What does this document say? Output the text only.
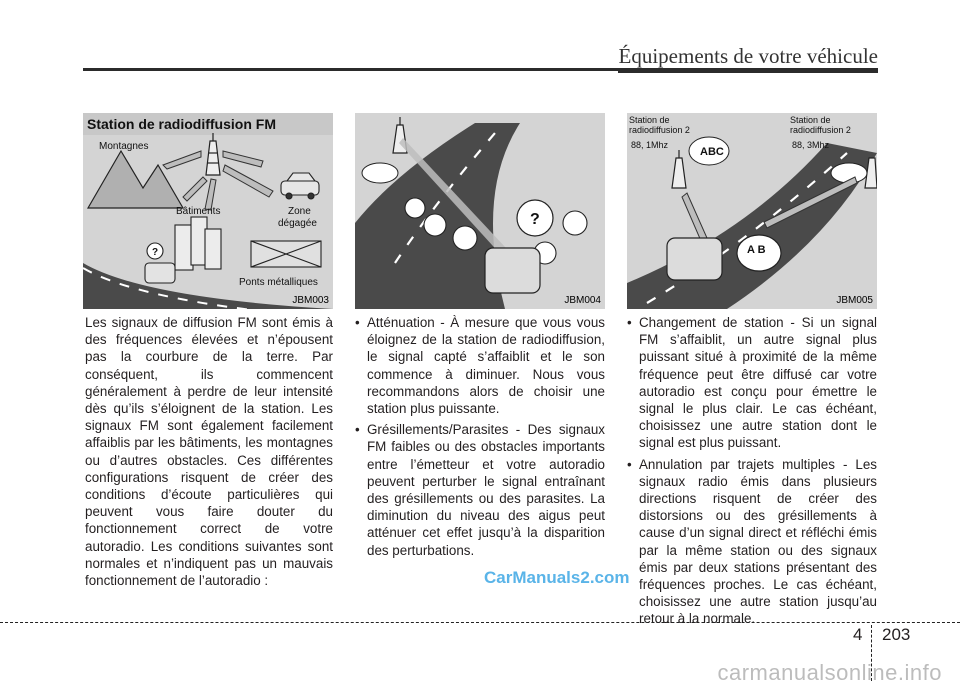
Équipements de votre véhicule
Station de radiodiffusion FM
?
Montagnes
Bâtiments	Zone dégagée
Ponts métalliques
JBM003
?
JBM004
Station de radiodiffusion 2
88, 1Mhz
Station de radiodiffusion 2
88, 3Mhz
ABC
A B
JBM005

Les signaux de diffusion FM sont émis à des fréquences élevées et n’épousent pas la courbure de la terre. Par conséquent, ils commencent généralement à perdre de leur intensité dès qu’ils s’éloignent de la station. Les signaux FM sont également facilement affaiblis par les bâtiments, les montagnes ou d’autres obstacles. Ces différentes configurations risquent de créer des conditions d’écoute particulières qui peuvent vous faire douter du fonctionnement correct de votre autoradio. Les conditions suivantes sont normales et n’indiquent pas un mauvais fonctionnement de l’autoradio :

• Atténuation - À mesure que vous vous éloignez de la station de radiodiffusion, le signal capté s’affaiblit et le son commence à diminuer. Nous vous recommandons alors de choisir une station plus puissante.
• Grésillements/Parasites - Des signaux FM faibles ou des obstacles importants entre l’émetteur et votre autoradio peuvent perturber le signal entraînant des grésillements ou des parasites. La diminution du niveau des aigus peut atténuer cet effet jusqu’à la disparition des perturbations.
• Changement de station - Si un signal FM s’affaiblit, un autre signal plus puissant situé à proximité de la même fréquence peut être diffusé car votre autoradio est conçu pour émettre le signal le plus clair. Le cas échéant, choisissez une autre station dont le signal est plus puissant.
• Annulation par trajets multiples - Les signaux radio émis dans plusieurs directions risquent de créer des distorsions ou des grésillements à cause d’un signal direct et réfléchi émis par la même station ou des signaux émis par deux stations présentant des fréquences proches. Le cas échéant, choisissez une autre station jusqu’au retour à la normale.
CarManuals2.com
4 203
carmanualsonline.info
